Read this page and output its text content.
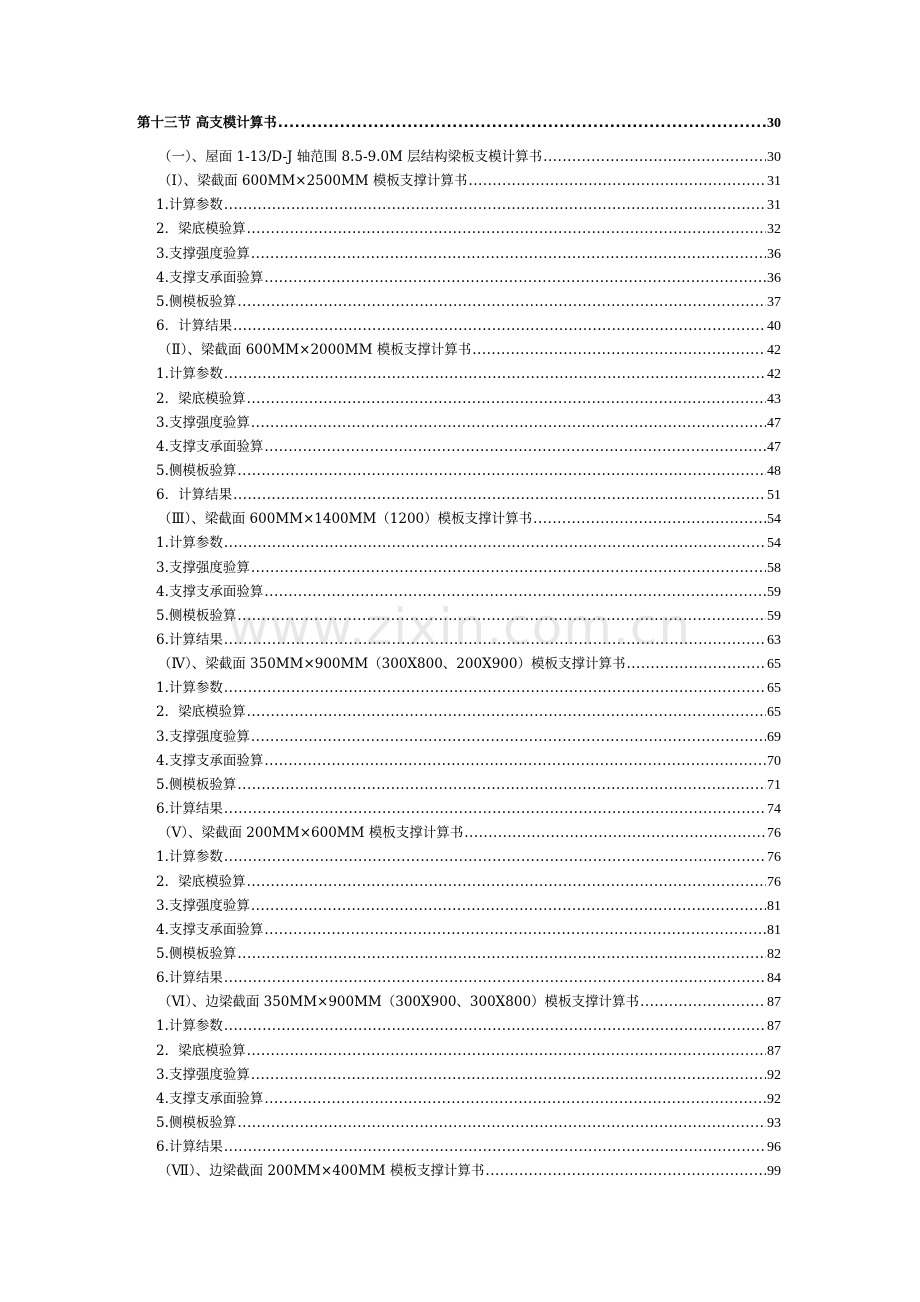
第十三节 高支模计算书 .....	30
（一）、屋面 1-13/D-J 轴范围 8.5-9.0M 层结构梁板支模计算书 .....	30
（Ⅰ）、梁截面 600MM×2500MM 模板支撑计算书 .....	31
1.计算参数 .....	31
2．梁底模验算 .....	32
3.支撑强度验算 .....	36
4.支撑支承面验算 .....	36
5.侧模板验算 .....	37
6．计算结果 .....	40
（Ⅱ）、梁截面 600MM×2000MM 模板支撑计算书 .....	42
1.计算参数 .....	42
2．梁底模验算 .....	43
3.支撑强度验算 .....	47
4.支撑支承面验算 .....	47
5.侧模板验算 .....	48
6．计算结果 .....	51
（Ⅲ）、梁截面 600MM×1400MM（1200）模板支撑计算书 .....	54
1.计算参数 .....	54
3.支撑强度验算 .....	58
4.支撑支承面验算 .....	59
5.侧模板验算 .....	59
6.计算结果 .....	63
（Ⅳ）、梁截面 350MM×900MM（300X800、200X900）模板支撑计算书 .....	65
1.计算参数 .....	65
2．梁底模验算 .....	65
3.支撑强度验算 .....	69
4.支撑支承面验算 .....	70
5.侧模板验算 .....	71
6.计算结果 .....	74
（Ⅴ）、梁截面 200MM×600MM 模板支撑计算书 .....	76
1.计算参数 .....	76
2．梁底模验算 .....	76
3.支撑强度验算 .....	81
4.支撑支承面验算 .....	81
5.侧模板验算 .....	82
6.计算结果 .....	84
（Ⅵ）、边梁截面 350MM×900MM（300X900、300X800）模板支撑计算书 .....	87
1.计算参数 .....	87
2．梁底模验算 .....	87
3.支撑强度验算 .....	92
4.支撑支承面验算 .....	92
5.侧模板验算 .....	93
6.计算结果 .....	96
（Ⅶ）、边梁截面 200MM×400MM 模板支撑计算书 .....	99
www.zixin.com.cn
